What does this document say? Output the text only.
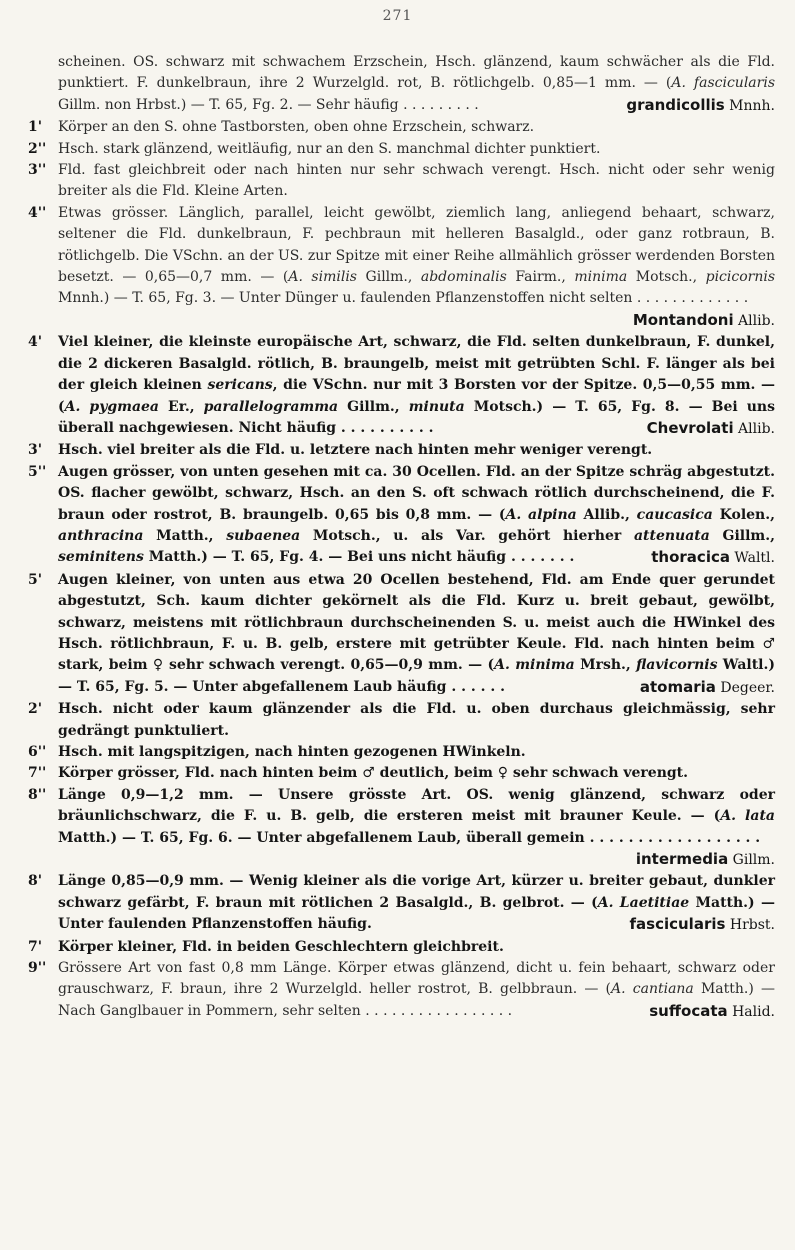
271

scheinen. OS. schwarz mit schwachem Erzschein, Hsch. glänzend, kaum schwächer als die Fld. punktiert. F. dunkelbraun, ihre 2 Wurzelgld. rot, B. rötlichgelb. 0,85—1 mm. — (A. fascicularis Gillm. non Hrbst.) — T. 65, Fg. 2. — Sehr häufig . . . . . . . . .	grandicollis Mnnh.

1' Körper an den S. ohne Tastborsten, oben ohne Erzschein, schwarz.

2'' Hsch. stark glänzend, weitläufig, nur an den S. manchmal dichter punktiert.

3'' Fld. fast gleichbreit oder nach hinten nur sehr schwach verengt. Hsch. nicht oder sehr wenig breiter als die Fld. Kleine Arten.

4'' Etwas grösser. Länglich, parallel, leicht gewölbt, ziemlich lang, anliegend behaart, schwarz, seltener die Fld. dunkelbraun, F. pechbraun mit helleren Basalgld., oder ganz rotbraun, B. rötlichgelb. Die VSchn. an der US. zur Spitze mit einer Reihe allmählich grösser werdenden Borsten besetzt. — 0,65—0,7 mm. — (A. similis Gillm., abdominalis Fairm., minima Motsch., picicornis Mnnh.) — T. 65, Fg. 3. — Unter Dünger u. faulenden Pflanzenstoffen nicht selten . . . . . . . . . . . . .
Montandoni Allib.

4' Viel kleiner, die kleinste europäische Art, schwarz, die Fld. selten dunkelbraun, F. dunkel, die 2 dickeren Basalgld. rötlich, B. braungelb, meist mit getrübten Schl. F. länger als bei der gleich kleinen sericans, die VSchn. nur mit 3 Borsten vor der Spitze. 0,5—0,55 mm. — (A. pygmaea Er., parallelogramma Gillm., minuta Motsch.) — T. 65, Fg. 8. — Bei uns überall nachgewiesen. Nicht häufig . . . . . . . . . .	Chevrolati Allib.

3' Hsch. viel breiter als die Fld. u. letztere nach hinten mehr weniger verengt.

5'' Augen grösser, von unten gesehen mit ca. 30 Ocellen. Fld. an der Spitze schräg abgestutzt. OS. flacher gewölbt, schwarz, Hsch. an den S. oft schwach rötlich durchscheinend, die F. braun oder rostrot, B. braungelb. 0,65 bis 0,8 mm. — (A. alpina Allib., caucasica Kolen., anthracina Matth., subaenea Motsch., u. als Var. gehört hierher attenuata Gillm., seminitens Matth.) — T. 65, Fg. 4. — Bei uns nicht häufig . . . . . . .	thoracica Waltl.

5' Augen kleiner, von unten aus etwa 20 Ocellen bestehend, Fld. am Ende quer gerundet abgestutzt, Sch. kaum dichter gekörnelt als die Fld. Kurz u. breit gebaut, gewölbt, schwarz, meistens mit rötlichbraun durchscheinenden S. u. meist auch die HWinkel des Hsch. rötlichbraun, F. u. B. gelb, erstere mit getrübter Keule. Fld. nach hinten beim ♂ stark, beim ♀ sehr schwach verengt. 0,65—0,9 mm. — (A. minima Mrsh., flavicornis Waltl.) — T. 65, Fg. 5. — Unter abgefallenem Laub häufig . . . . . .	atomaria Degeer.

2' Hsch. nicht oder kaum glänzender als die Fld. u. oben durchaus gleichmässig, sehr gedrängt punktuliert.

6'' Hsch. mit langspitzigen, nach hinten gezogenen HWinkeln.

7'' Körper grösser, Fld. nach hinten beim ♂ deutlich, beim ♀ sehr schwach verengt.

8'' Länge 0,9—1,2 mm. — Unsere grösste Art. OS. wenig glänzend, schwarz oder bräunlichschwarz, die F. u. B. gelb, die ersteren meist mit brauner Keule. — (A. lata Matth.) — T. 65, Fg. 6. — Unter abgefallenem Laub, überall gemein . . . . . . . . . . . . . . . . . .
intermedia Gillm.

8' Länge 0,85—0,9 mm. — Wenig kleiner als die vorige Art, kürzer u. breiter gebaut, dunkler schwarz gefärbt, F. braun mit rötlichen 2 Basalgld., B. gelbrot. — (A. Laetitiae Matth.) — Unter faulenden Pflanzenstoffen häufig.	fascicularis Hrbst.

7' Körper kleiner, Fld. in beiden Geschlechtern gleichbreit.

9'' Grössere Art von fast 0,8 mm Länge. Körper etwas glänzend, dicht u. fein behaart, schwarz oder grauschwarz, F. braun, ihre 2 Wurzelgld. heller rostrot, B. gelbbraun. — (A. cantiana Matth.) — Nach Ganglbauer in Pommern, sehr selten . . . . . . . . . . . . . . . . .	suffocata Halid.
